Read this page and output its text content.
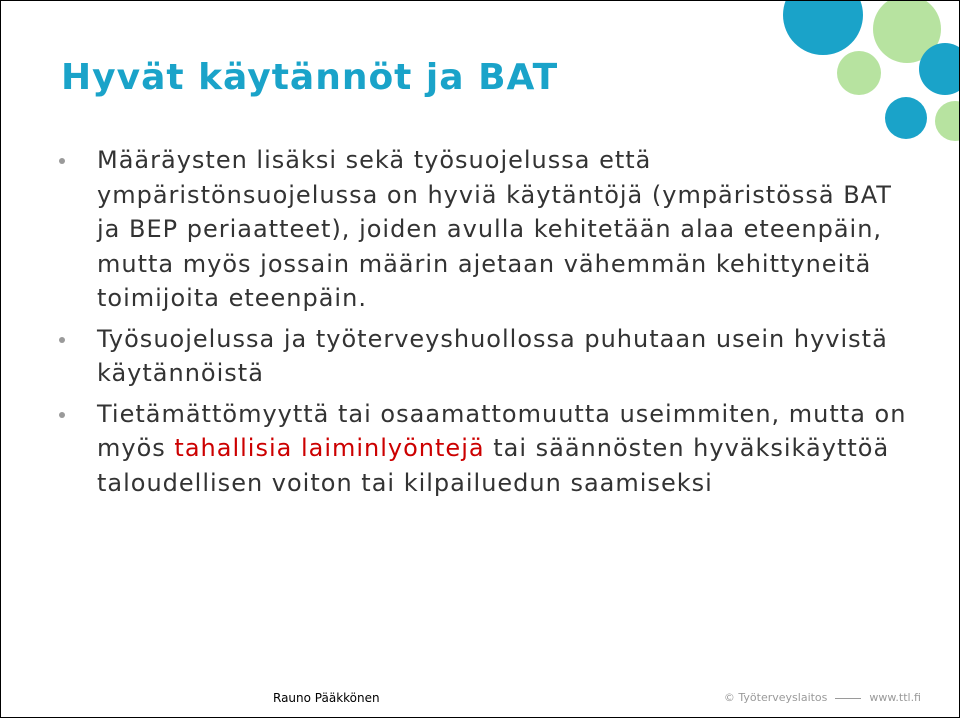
Hyvät käytännöt ja BAT
Määräysten lisäksi sekä työsuojelussa että ympäristönsuojelussa on hyviä käytäntöjä (ympäristössä BAT ja BEP periaatteet), joiden avulla kehitetään alaa eteenpäin, mutta myös jossain määrin ajetaan vähemmän kehittyneitä toimijoita eteenpäin.
Työsuojelussa ja työterveyshuollossa puhutaan usein hyvistä käytännöistä
Tietämättömyyttä tai osaamattomuutta useimmiten, mutta on myös tahallisia laiminlyöntejä tai säännösten hyväksikäyttöä taloudellisen voiton tai kilpailuedun saamiseksi
Rauno Pääkkönen	© Työterveyslaitos	www.ttl.fi
